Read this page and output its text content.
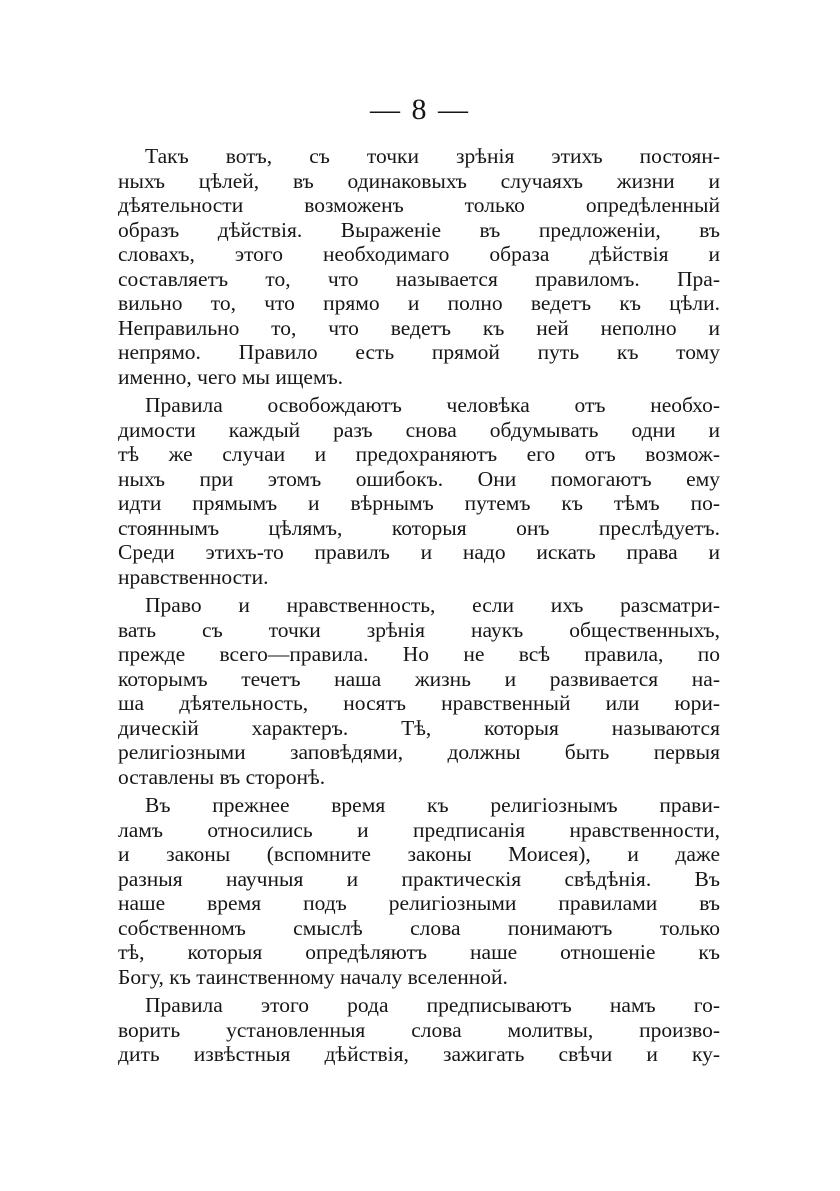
— 8 —
Такъ вотъ, съ точки зрѣнія этихъ постоян-
ныхъ цѣлей, въ одинаковыхъ случаяхъ жизни и
дѣятельности возможенъ только опредѣленный
образъ дѣйствія. Выраженіе въ предложеніи, въ
словахъ, этого необходимаго образа дѣйствія и
составляетъ то, что называется правиломъ. Пра-
вильно то, что прямо и полно ведетъ къ цѣли.
Неправильно то, что ведетъ къ ней неполно и
непрямо. Правило есть прямой путь къ тому
именно, чего мы ищемъ.
Правила освобождаютъ человѣка отъ необхо-
димости каждый разъ снова обдумывать одни и
тѣ же случаи и предохраняютъ его отъ возмож-
ныхъ при этомъ ошибокъ. Они помогаютъ ему
идти прямымъ и вѣрнымъ путемъ къ тѣмъ по-
стояннымъ цѣлямъ, которыя онъ преслѣдуетъ.
Среди этихъ-то правилъ и надо искать права и
нравственности.
Право и нравственность, если ихъ разсматри-
вать съ точки зрѣнія наукъ общественныхъ,
прежде всего—правила. Но не всѣ правила, по
которымъ течетъ наша жизнь и развивается на-
ша дѣятельность, носятъ нравственный или юри-
дическій характеръ. Тѣ, которыя называются
религіозными заповѣдями, должны быть первыя
оставлены въ сторонѣ.
Въ прежнее время къ религіознымъ прави-
ламъ относились и предписанія нравственности,
и законы (вспомните законы Моисея), и даже
разныя научныя и практическія свѣдѣнія. Въ
наше время подъ религіозными правилами въ
собственномъ смыслѣ слова понимаютъ только
тѣ, которыя опредѣляютъ наше отношеніе къ
Богу, къ таинственному началу вселенной.
Правила этого рода предписываютъ намъ го-
ворить установленныя слова молитвы, произво-
дить извѣстныя дѣйствія, зажигать свѣчи и ку-
